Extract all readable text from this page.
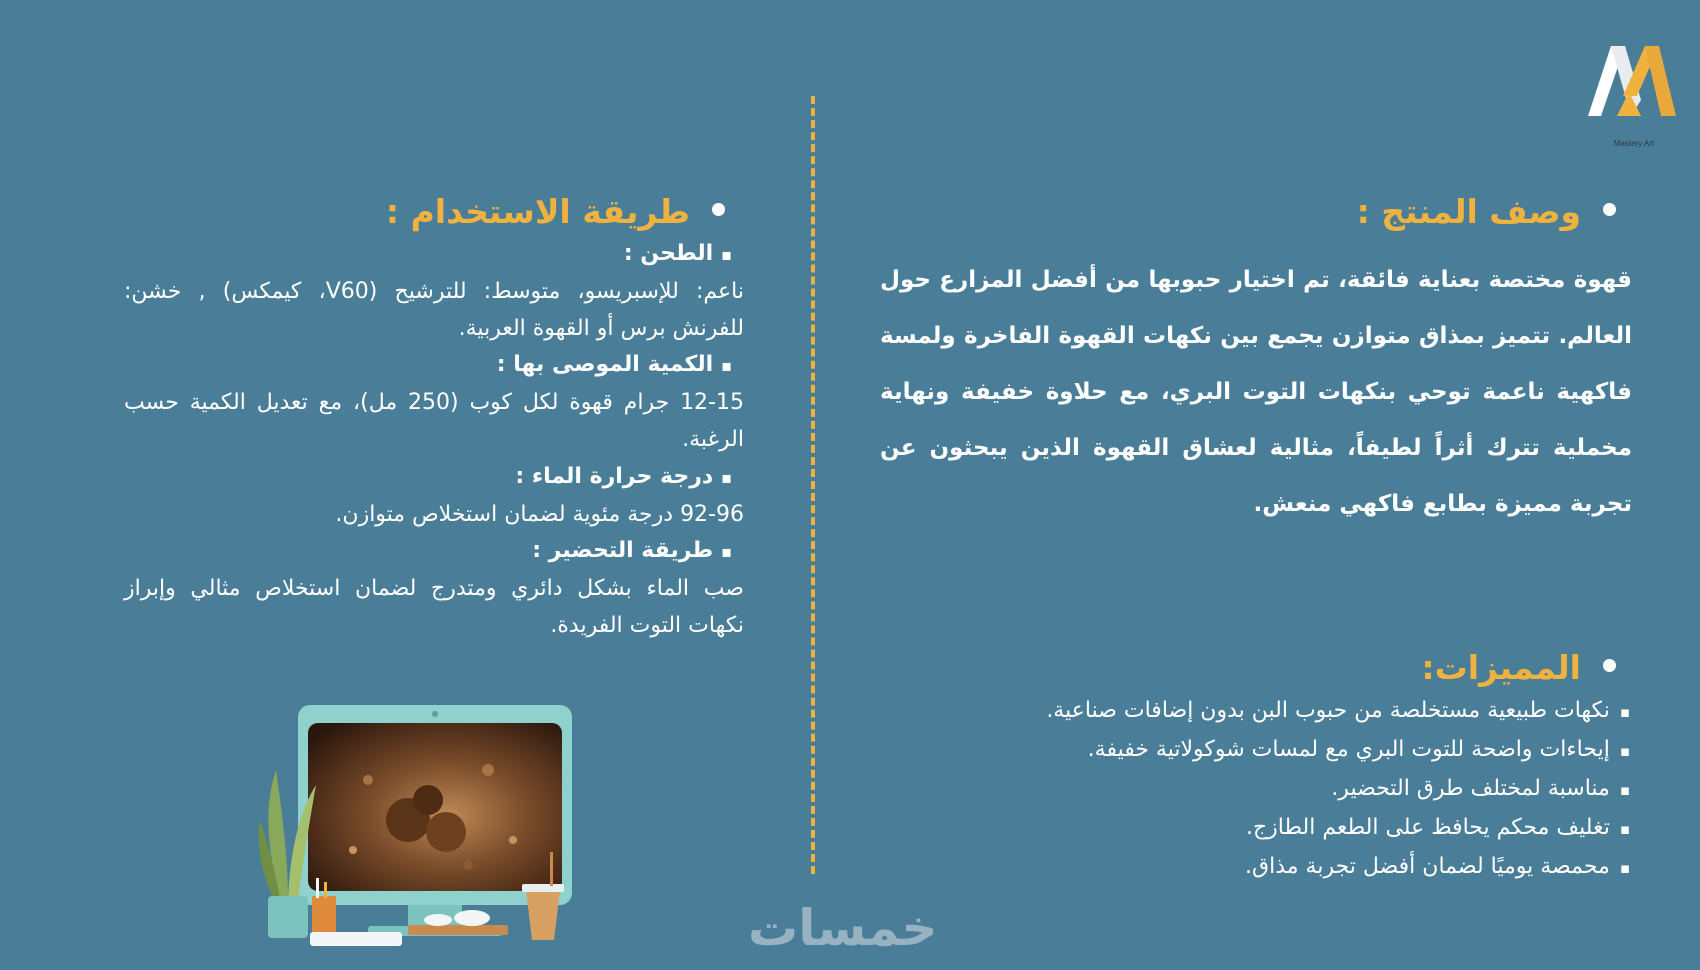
Mastery Art
وصف المنتج :
قهوة مختصة بعناية فائقة، تم اختيار حبوبها من أفضل المزارع حول العالم. تتميز بمذاق متوازن يجمع بين نكهات القهوة الفاخرة ولمسة فاكهية ناعمة توحي بنكهات التوت البري، مع حلاوة خفيفة ونهاية مخملية تترك أثراً لطيفاً، مثالية لعشاق القهوة الذين يبحثون عن تجربة مميزة بطابع فاكهي منعش.
طريقة الاستخدام :
▪ الطحن :
ناعم: للإسبريسو، متوسط: للترشيح (V60، كيمكس) , خشن: للفرنش برس أو القهوة العربية.
▪ الكمية الموصى بها :
12-15 جرام قهوة لكل كوب (250 مل)، مع تعديل الكمية حسب الرغبة.
▪ درجة حرارة الماء :
92-96 درجة مئوية لضمان استخلاص متوازن.
▪ طريقة التحضير :
صب الماء بشكل دائري ومتدرج لضمان استخلاص مثالي وإبراز نكهات التوت الفريدة.
المميزات:
▪ نكهات طبيعية مستخلصة من حبوب البن بدون إضافات صناعية.
▪ إيحاءات واضحة للتوت البري مع لمسات شوكولاتية خفيفة.
▪ مناسبة لمختلف طرق التحضير.
▪ تغليف محكم يحافظ على الطعم الطازج.
▪ محمصة يوميًا لضمان أفضل تجربة مذاق.
خمسات
